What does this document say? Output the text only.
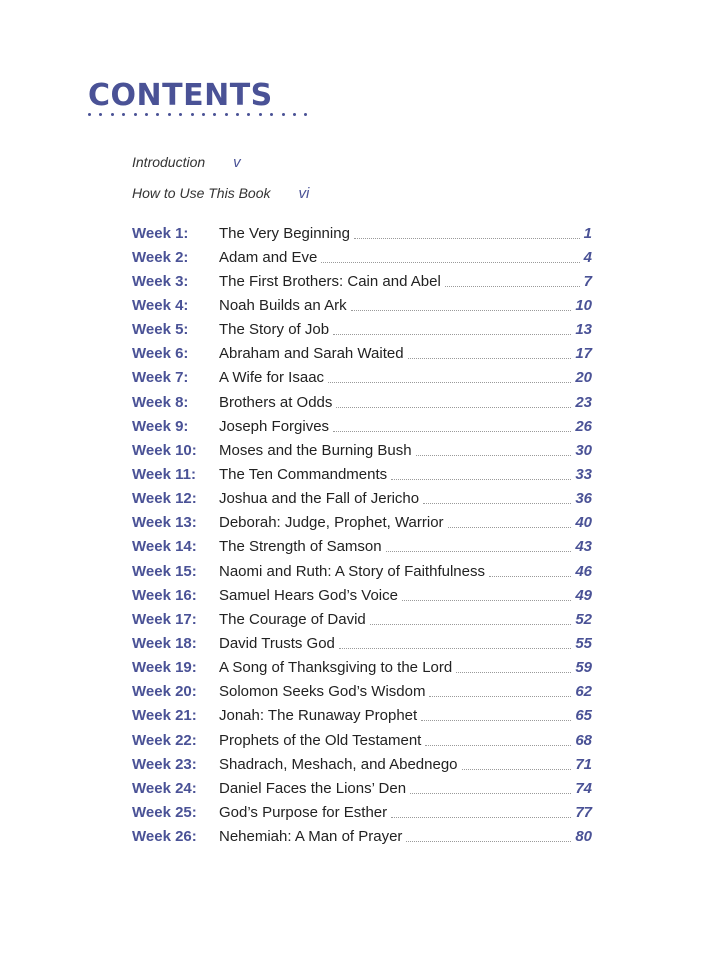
CONTENTS
Introduction v
How to Use This Book vi
Week 1:	The Very Beginning	1
Week 2:	Adam and Eve	4
Week 3:	The First Brothers: Cain and Abel	7
Week 4:	Noah Builds an Ark	10
Week 5:	The Story of Job	13
Week 6:	Abraham and Sarah Waited	17
Week 7:	A Wife for Isaac	20
Week 8:	Brothers at Odds	23
Week 9:	Joseph Forgives	26
Week 10:	Moses and the Burning Bush	30
Week 11:	The Ten Commandments	33
Week 12:	Joshua and the Fall of Jericho	36
Week 13:	Deborah: Judge, Prophet, Warrior	40
Week 14:	The Strength of Samson	43
Week 15:	Naomi and Ruth: A Story of Faithfulness	46
Week 16:	Samuel Hears God’s Voice	49
Week 17:	The Courage of David	52
Week 18:	David Trusts God	55
Week 19:	A Song of Thanksgiving to the Lord	59
Week 20:	Solomon Seeks God’s Wisdom	62
Week 21:	Jonah: The Runaway Prophet	65
Week 22:	Prophets of the Old Testament	68
Week 23:	Shadrach, Meshach, and Abednego	71
Week 24:	Daniel Faces the Lions’ Den	74
Week 25:	God’s Purpose for Esther	77
Week 26:	Nehemiah: A Man of Prayer	80
